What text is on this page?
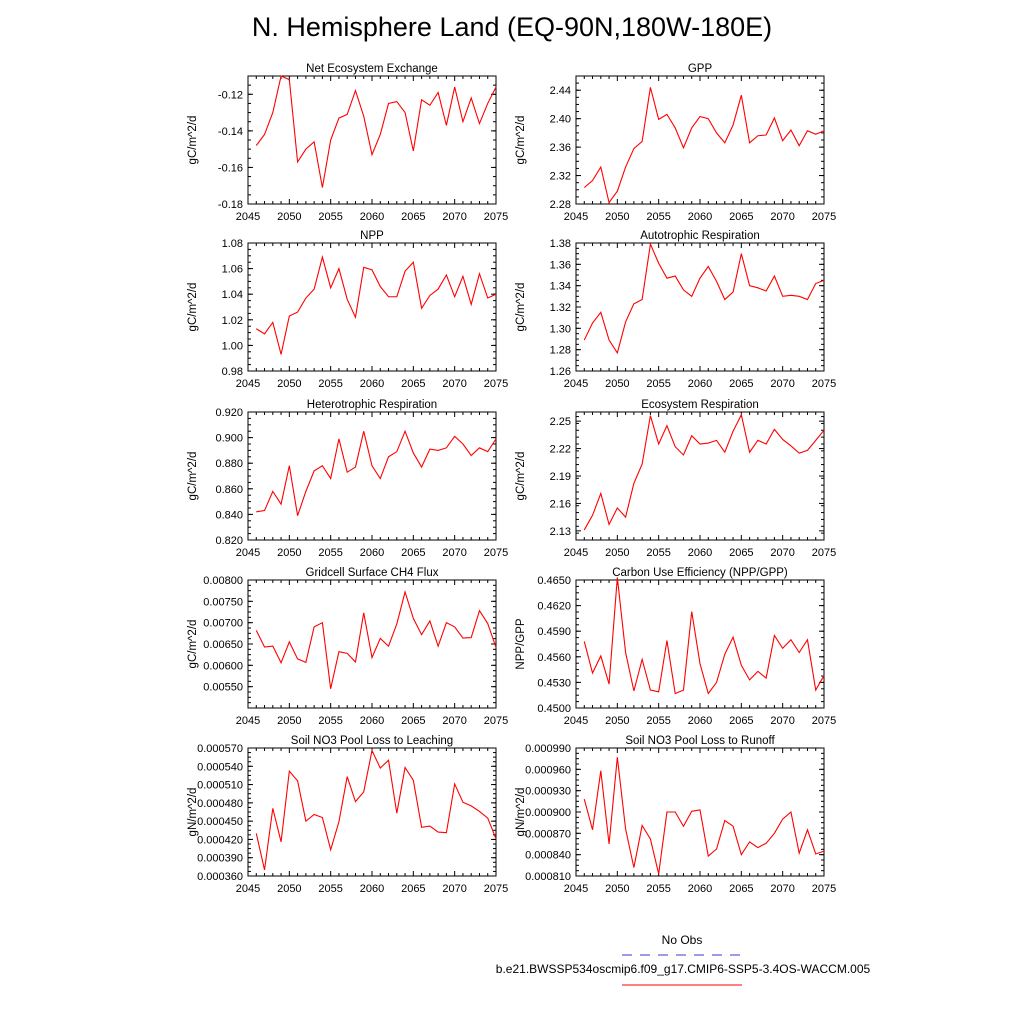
N. Hemisphere Land (EQ-90N,180W-180E)
Net Ecosystem Exchange
gC/m^2/d
2045 2050 2055 2060 2065 2070 2075
-0.18
-0.16
-0.14
-0.12
GPP
gC/m^2/d
2045 2050 2055 2060 2065 2070 2075
2.28
2.32
2.36
2.40
2.44
NPP
gC/m^2/d
2045 2050 2055 2060 2065 2070 2075
0.98
1.00
1.02
1.04
1.06
1.08
Autotrophic Respiration
gC/m^2/d
2045 2050 2055 2060 2065 2070 2075
1.26
1.28
1.30
1.32
1.34
1.36
1.38
Heterotrophic Respiration
gC/m^2/d
2045 2050 2055 2060 2065 2070 2075
0.820
0.840
0.860
0.880
0.900
0.920
Ecosystem Respiration
gC/m^2/d
2045 2050 2055 2060 2065 2070 2075
2.13
2.16
2.19
2.22
2.25
Gridcell Surface CH4 Flux
gC/m^2/d
2045 2050 2055 2060 2065 2070 2075
0.00550
0.00600
0.00650
0.00700
0.00750
0.00800
Carbon Use Efficiency (NPP/GPP)
NPP/GPP
2045 2050 2055 2060 2065 2070 2075
0.4500
0.4530
0.4560
0.4590
0.4620
0.4650
Soil NO3 Pool Loss to Leaching
gN/m^2/d
2045 2050 2055 2060 2065 2070 2075
0.000360
0.000390
0.000420
0.000450
0.000480
0.000510
0.000540
0.000570
Soil NO3 Pool Loss to Runoff
gN/m^2/d
2045 2050 2055 2060 2065 2070 2075
0.000810
0.000840
0.000870
0.000900
0.000930
0.000960
0.000990
No Obs
b.e21.BWSSP534oscmip6.f09_g17.CMIP6-SSP5-3.4OS-WACCM.005
